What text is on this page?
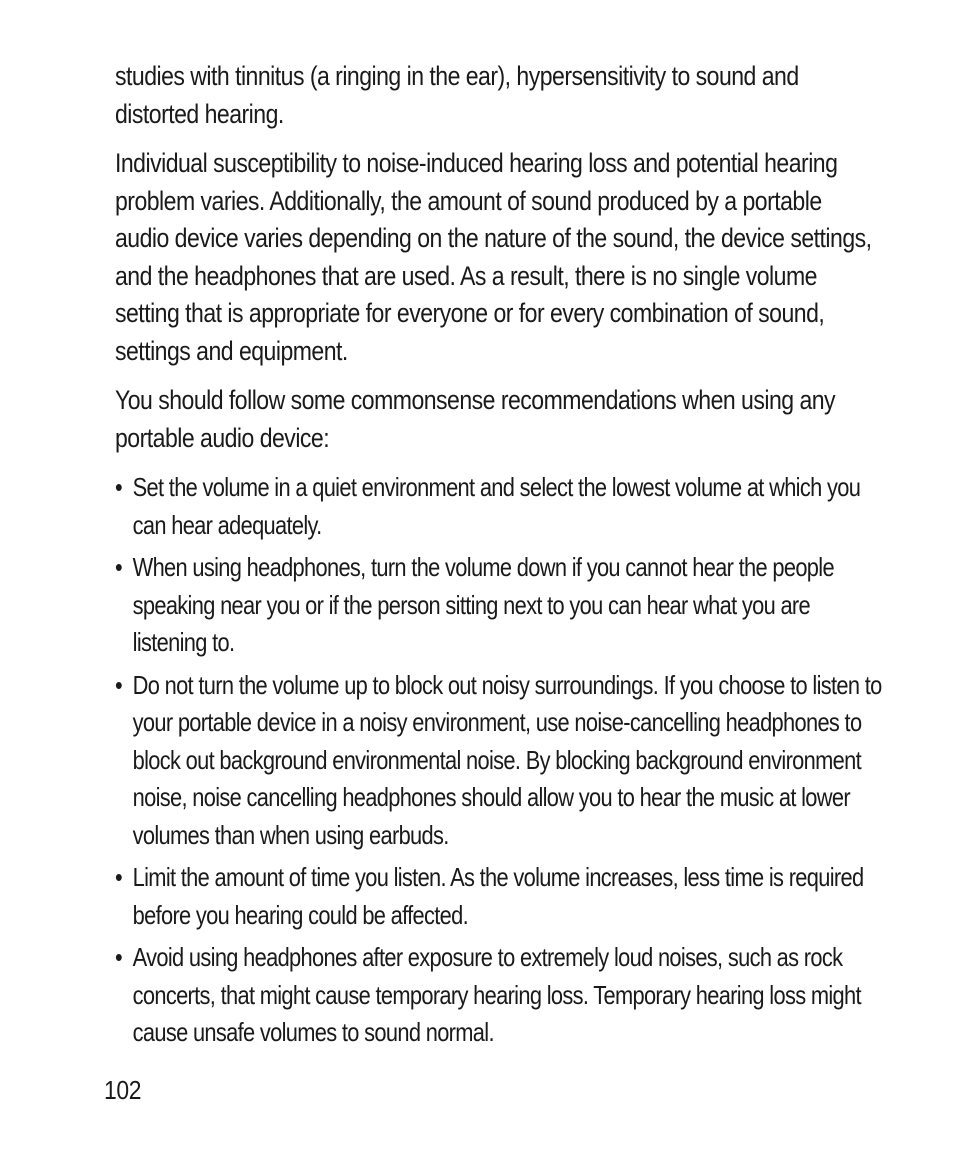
studies with tinnitus (a ringing in the ear), hypersensitivity to sound and distorted hearing.

Individual susceptibility to noise-induced hearing loss and potential hearing problem varies. Additionally, the amount of sound produced by a portable audio device varies depending on the nature of the sound, the device settings, and the headphones that are used. As a result, there is no single volume setting that is appropriate for everyone or for every combination of sound, settings and equipment.

You should follow some commonsense recommendations when using any portable audio device:

• Set the volume in a quiet environment and select the lowest volume at which you can hear adequately.
• When using headphones, turn the volume down if you cannot hear the people speaking near you or if the person sitting next to you can hear what you are listening to.
• Do not turn the volume up to block out noisy surroundings. If you choose to listen to your portable device in a noisy environment, use noise-cancelling headphones to block out background environmental noise. By blocking background environment noise, noise cancelling headphones should allow you to hear the music at lower volumes than when using earbuds.
• Limit the amount of time you listen. As the volume increases, less time is required before you hearing could be affected.
• Avoid using headphones after exposure to extremely loud noises, such as rock concerts, that might cause temporary hearing loss. Temporary hearing loss might cause unsafe volumes to sound normal.
102
